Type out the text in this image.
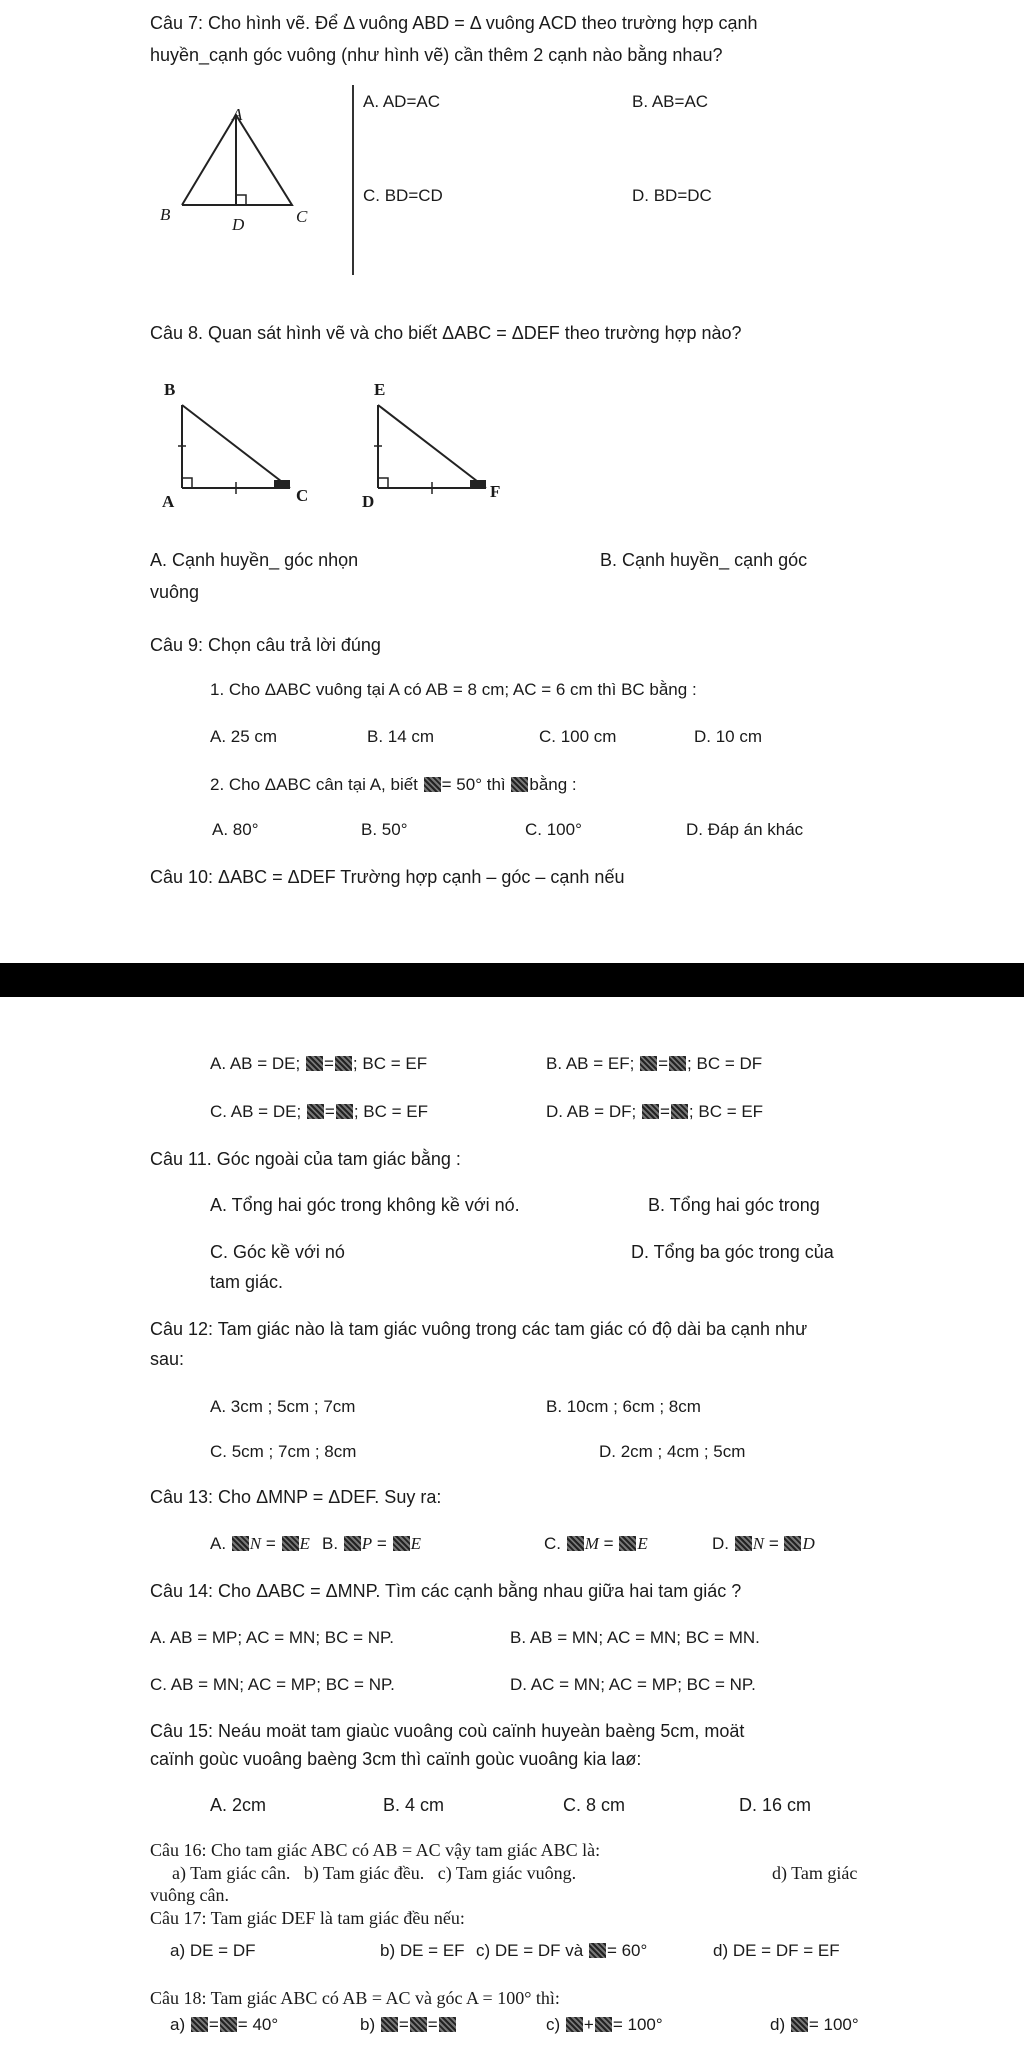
Câu 7: Cho hình vẽ. Để Δ vuông ABD = Δ vuông ACD theo trường hợp cạnh
huyền_cạnh góc vuông (như hình vẽ) cần thêm 2 cạnh nào bằng nhau?
A
B
D	C
A. AD=AC	B. AB=AC
C. BD=CD	D. BD=DC
Câu 8. Quan sát hình vẽ và cho biết ΔABC = ΔDEF theo trường hợp nào?
B
A	C
E
D
F
A. Cạnh huyền_ góc nhọn	B. Cạnh huyền_ cạnh góc
vuông
Câu 9: Chọn câu trả lời đúng
1. Cho ΔABC vuông tại A có AB = 8 cm; AC = 6 cm thì BC bằng :
A. 25 cm	B. 14 cm	C. 100 cm	D. 10 cm
2. Cho ΔABC cân tại A, biết = 50° thì bằng :
A. 80°	B. 50°	C. 100°	D. Đáp án khác
Câu 10: ΔABC = ΔDEF Trường hợp cạnh – góc – cạnh nếu
A. AB = DE; = ; BC = EF	B. AB = EF; = ; BC = DF
C. AB = DE; = ; BC = EF	D. AB = DF; = ; BC = EF
Câu 11. Góc ngoài của tam giác bằng :
A. Tổng hai góc trong không kề với nó.	B. Tổng hai góc trong
C. Góc kề với nó	D. Tổng ba góc trong của
tam giác.
Câu 12: Tam giác nào là tam giác vuông trong các tam giác có độ dài ba cạnh như
sau:
A. 3cm ; 5cm ; 7cm	B. 10cm ; 6cm ; 8cm
C. 5cm ; 7cm ; 8cm	D. 2cm ; 4cm ; 5cm
Câu 13: Cho ΔMNP = ΔDEF. Suy ra:
A. N = E B. P = E	C. M = E	D. N = D
Câu 14: Cho ΔABC = ΔMNP. Tìm các cạnh bằng nhau giữa hai tam giác ?
A. AB = MP; AC = MN; BC = NP.	B. AB = MN; AC = MN; BC = MN.
C. AB = MN; AC = MP; BC = NP.	D. AC = MN; AC = MP; BC = NP.
Câu 15: Neáu moät tam giaùc vuoâng coù caïnh huyeàn baèng 5cm, moät
caïnh goùc vuoâng baèng 3cm thì caïnh goùc vuoâng kia laø:
A. 2cm	B. 4 cm	C. 8 cm	D. 16 cm
Câu 16: Cho tam giác ABC có AB = AC vậy tam giác ABC là:
a) Tam giác cân.   b) Tam giác đều.   c) Tam giác vuông.	d) Tam giác
vuông cân.
Câu 17: Tam giác DEF là tam giác đều nếu:
a) DE = DF	b) DE = EF c) DE = DF và = 60°	d) DE = DF = EF
Câu 18: Tam giác ABC có AB = AC và góc A = 100° thì:
a) = = 40°	b) = =	c) + = 100°	d) = 100°
